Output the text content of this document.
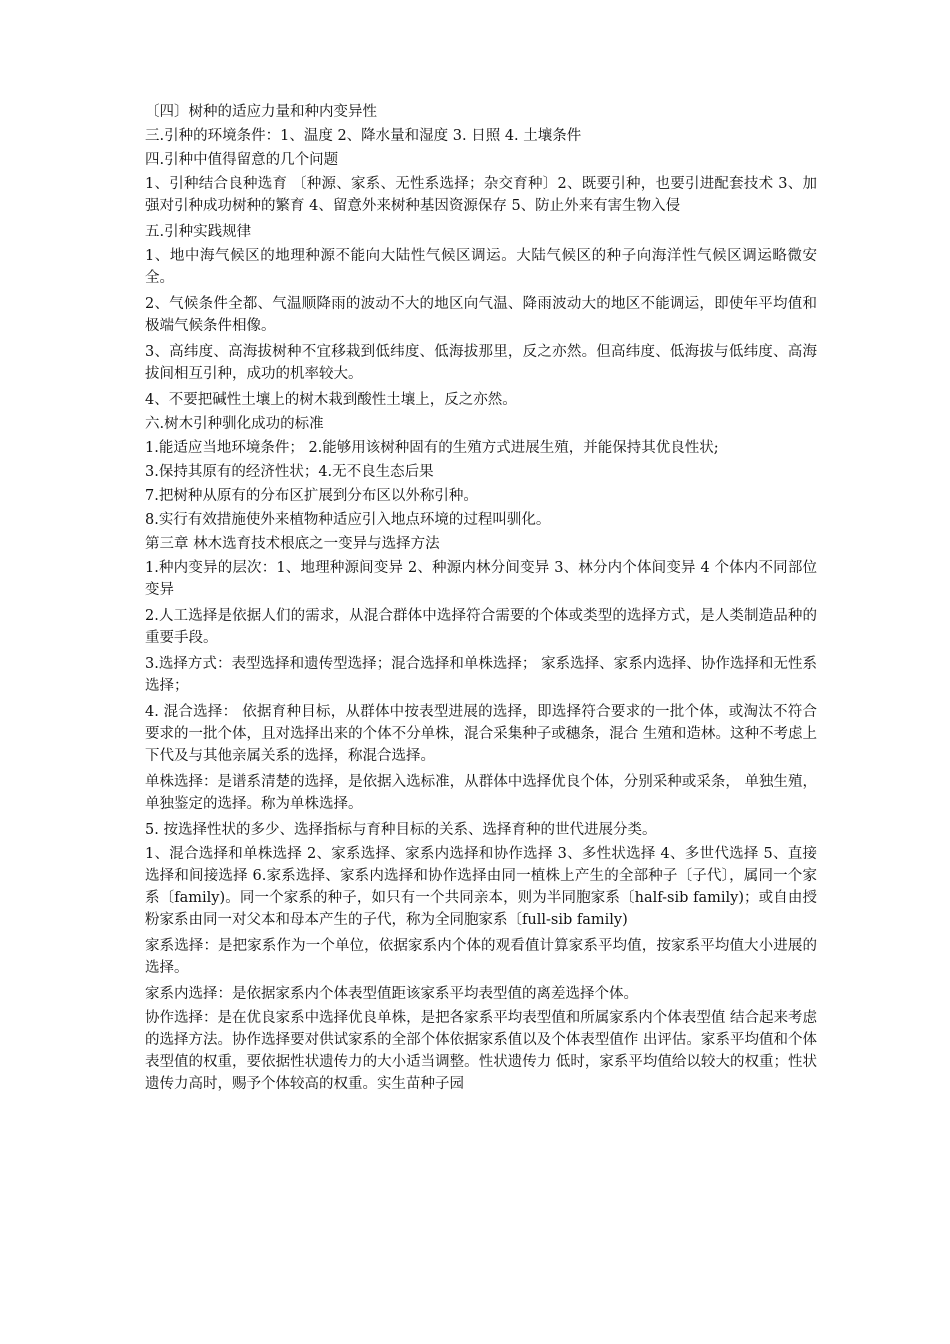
〔四〕树种的适应力量和种内变异性

三.引种的环境条件：1、温度 2、降水量和湿度 3. 日照 4. 土壤条件

四.引种中值得留意的几个问题

1、引种结合良种选育 〔种源、家系、无性系选择；杂交育种〕2、既要引种，也要引进配套技术 3、加强对引种成功树种的繁育 4、留意外来树种基因资源保存 5、防止外来有害生物入侵

五.引种实践规律

1、地中海气候区的地理种源不能向大陆性气候区调运。大陆气候区的种子向海洋性气候区调运略微安全。

2、气候条件全都、气温顺降雨的波动不大的地区向气温、降雨波动大的地区不能调运，即使年平均值和极端气候条件相像。

3、高纬度、高海拔树种不宜移栽到低纬度、低海拔那里，反之亦然。但高纬度、低海拔与低纬度、高海拔间相互引种，成功的机率较大。

4、不要把碱性土壤上的树木栽到酸性土壤上，反之亦然。

六.树木引种驯化成功的标准

1.能适应当地环境条件； 2.能够用该树种固有的生殖方式进展生殖，并能保持其优良性状;

3.保持其原有的经济性状；4.无不良生态后果

7.把树种从原有的分布区扩展到分布区以外称引种。

8.实行有效措施使外来植物种适应引入地点环境的过程叫驯化。

第三章 林木选育技术根底之一变异与选择方法

1.种内变异的层次：1、地理种源间变异 2、种源内林分间变异 3、林分内个体间变异 4 个体内不同部位变异

2.人工选择是依据人们的需求，从混合群体中选择符合需要的个体或类型的选择方式，是人类制造品种的重要手段。

3.选择方式：表型选择和遗传型选择；混合选择和单株选择； 家系选择、家系内选择、协作选择和无性系选择；

4. 混合选择： 依据育种目标，从群体中按表型进展的选择，即选择符合要求的一批个体，或淘汰不符合要求的一批个体，且对选择出来的个体不分单株，混合采集种子或穗条，混合 生殖和造林。这种不考虑上下代及与其他亲属关系的选择，称混合选择。

单株选择：是谱系清楚的选择，是依据入选标准，从群体中选择优良个体，分别采种或采条， 单独生殖，单独鉴定的选择。称为单株选择。

5. 按选择性状的多少、选择指标与育种目标的关系、选择育种的世代进展分类。

1、混合选择和单株选择 2、家系选择、家系内选择和协作选择 3、多性状选择 4、多世代选择 5、直接选择和间接选择 6.家系选择、家系内选择和协作选择由同一植株上产生的全部种子〔子代〕，属同一个家系〔family)。同一个家系的种子，如只有一个共同亲本，则为半同胞家系〔half-sib family)；或自由授粉家系由同一对父本和母本产生的子代，称为全同胞家系〔full-sib family)

家系选择：是把家系作为一个单位，依据家系内个体的观看值计算家系平均值，按家系平均值大小进展的选择。

家系内选择：是依据家系内个体表型值距该家系平均表型值的离差选择个体。

协作选择：是在优良家系中选择优良单株，是把各家系平均表型值和所属家系内个体表型值 结合起来考虑的选择方法。协作选择要对供试家系的全部个体依据家系值以及个体表型值作 出评估。家系平均值和个体表型值的权重，要依据性状遗传力的大小适当调整。性状遗传力 低时，家系平均值给以较大的权重；性状遗传力高时，赐予个体较高的权重。实生苗种子园
